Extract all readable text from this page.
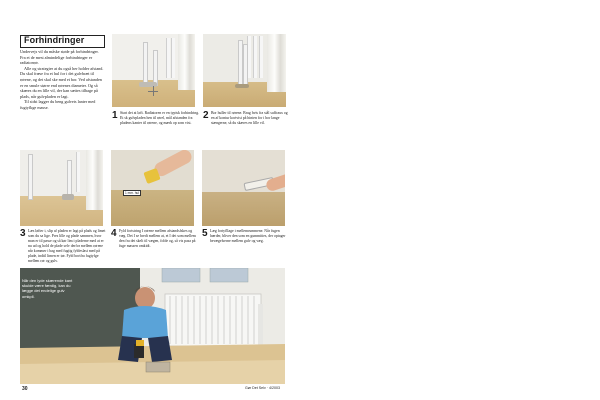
Forhindringer

Undervejs vil du måske støde på forhindringer. Fra et de mest almindelige forhindringer er radiatorrør.

Alle og strategier at du også her holder afstand. Du skal fræse fra et hul for i det gulvbræt til rørene, og det skal ske med et bor. Ved afstanden er en smule større end rørenes diameter. Og så skæres du en lille vil, der kan sættes tilbage på plads, når gulvpladen er lagt.

Til sidst lagger du beng gulvets lanter med fugtyfkge masse.

1 Start det at løft. Radiatoren er en typisk forhindring. Et sk gulvpladen hen til rørel, mål afstanden fra pladens kanter til rørene, og mærk op som vist.
2 Bor huller til rørene. Brug hvis fra stål suffraux og en af kontur kortvist på hinten for i bor lange stængerne, så du skæres en lille vil.
1 mm. hul
3 Læs løfter i, slip af pladen er lagt på plads og limet som du sa lige. Pres lille og plade sammen, hvor man er til passe og så kør lim i pladerne med at er nu ud og hold de plade selv derfor mellem rørene når kommer i bag med fugtig fyldeslast med på plade, indtil limen er tør. Fyld bortfra fugtyfge mellem rør og gulv.
4 Fyld fortstring I rørene mellem afstandsfskes og væg. Det I se bredt mellem at, et I det som mellem den fra det skelt til vægen, folde og, så vis pasa på fuge massen omkidt.
5 Læg fortyfllage i mellemrummene. Når fugen hærder, bliver den som en gummities, der optager bevægelserne mellem gulv og væg.
Når den lyde skærende kant skulde være færdig, kan du lægge det endelige gulv omkpll.
30	Gør Det Selv · 4/2003
